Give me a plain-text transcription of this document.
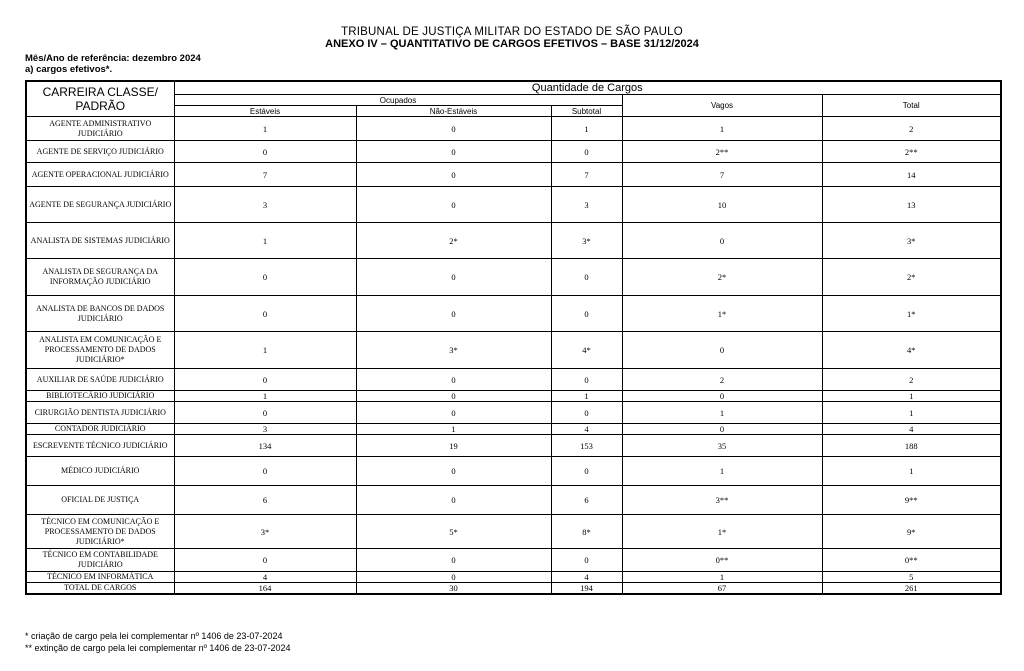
TRIBUNAL DE JUSTIÇA MILITAR DO ESTADO DE SÃO PAULO
ANEXO IV – QUANTITATIVO DE CARGOS EFETIVOS – BASE 31/12/2024
Mês/Ano de referência: dezembro 2024
a) cargos efetivos*.
CARREIRA CLASSE/ PADRÃO	Quantidade de Cargos				
	Ocupados			Vagos	Total
	Estáveis	Não-Estáveis	Subtotal		
AGENTE ADMINISTRATIVO JUDICIÁRIO	1	0	1	1	2
AGENTE DE SERVIÇO JUDICIÁRIO	0	0	0	2**	2**
AGENTE OPERACIONAL JUDICIÁRIO	7	0	7	7	14
AGENTE DE SEGURANÇA JUDICIÁRIO	3	0	3	10	13
ANALISTA DE SISTEMAS JUDICIÁRIO	1	2*	3*	0	3*
ANALISTA DE SEGURANÇA DA INFORMAÇÃO JUDICIÁRIO	0	0	0	2*	2*
ANALISTA DE BANCOS DE DADOS JUDICIÁRIO	0	0	0	1*	1*
ANALISTA EM COMUNICAÇÃO E PROCESSAMENTO DE DADOS JUDICIÁRIO*	1	3*	4*	0	4*
AUXILIAR DE SAÚDE JUDICIÁRIO	0	0	0	2	2
BIBLIOTECÁRIO JUDICIÁRIO	1	0	1	0	1
CIRURGIÃO DENTISTA JUDICIÁRIO	0	0	0	1	1
CONTADOR JUDICIÁRIO	3	1	4	0	4
ESCREVENTE TÉCNICO JUDICIÁRIO	134	19	153	35	188
MÉDICO JUDICIÁRIO	0	0	0	1	1
OFICIAL DE JUSTIÇA	6	0	6	3**	9**
TÉCNICO EM COMUNICAÇÃO E PROCESSAMENTO DE DADOS JUDICIÁRIO*	3*	5*	8*	1*	9*
TÉCNICO EM CONTABILIDADE JUDICIÁRIO	0	0	0	0**	0**
TÉCNICO EM INFORMÁTICA	4	0	4	1	5
TOTAL DE CARGOS	164	30	194	67	261
* criação de cargo pela lei complementar nº 1406 de 23-07-2024
** extinção de cargo pela lei complementar nº 1406 de 23-07-2024
